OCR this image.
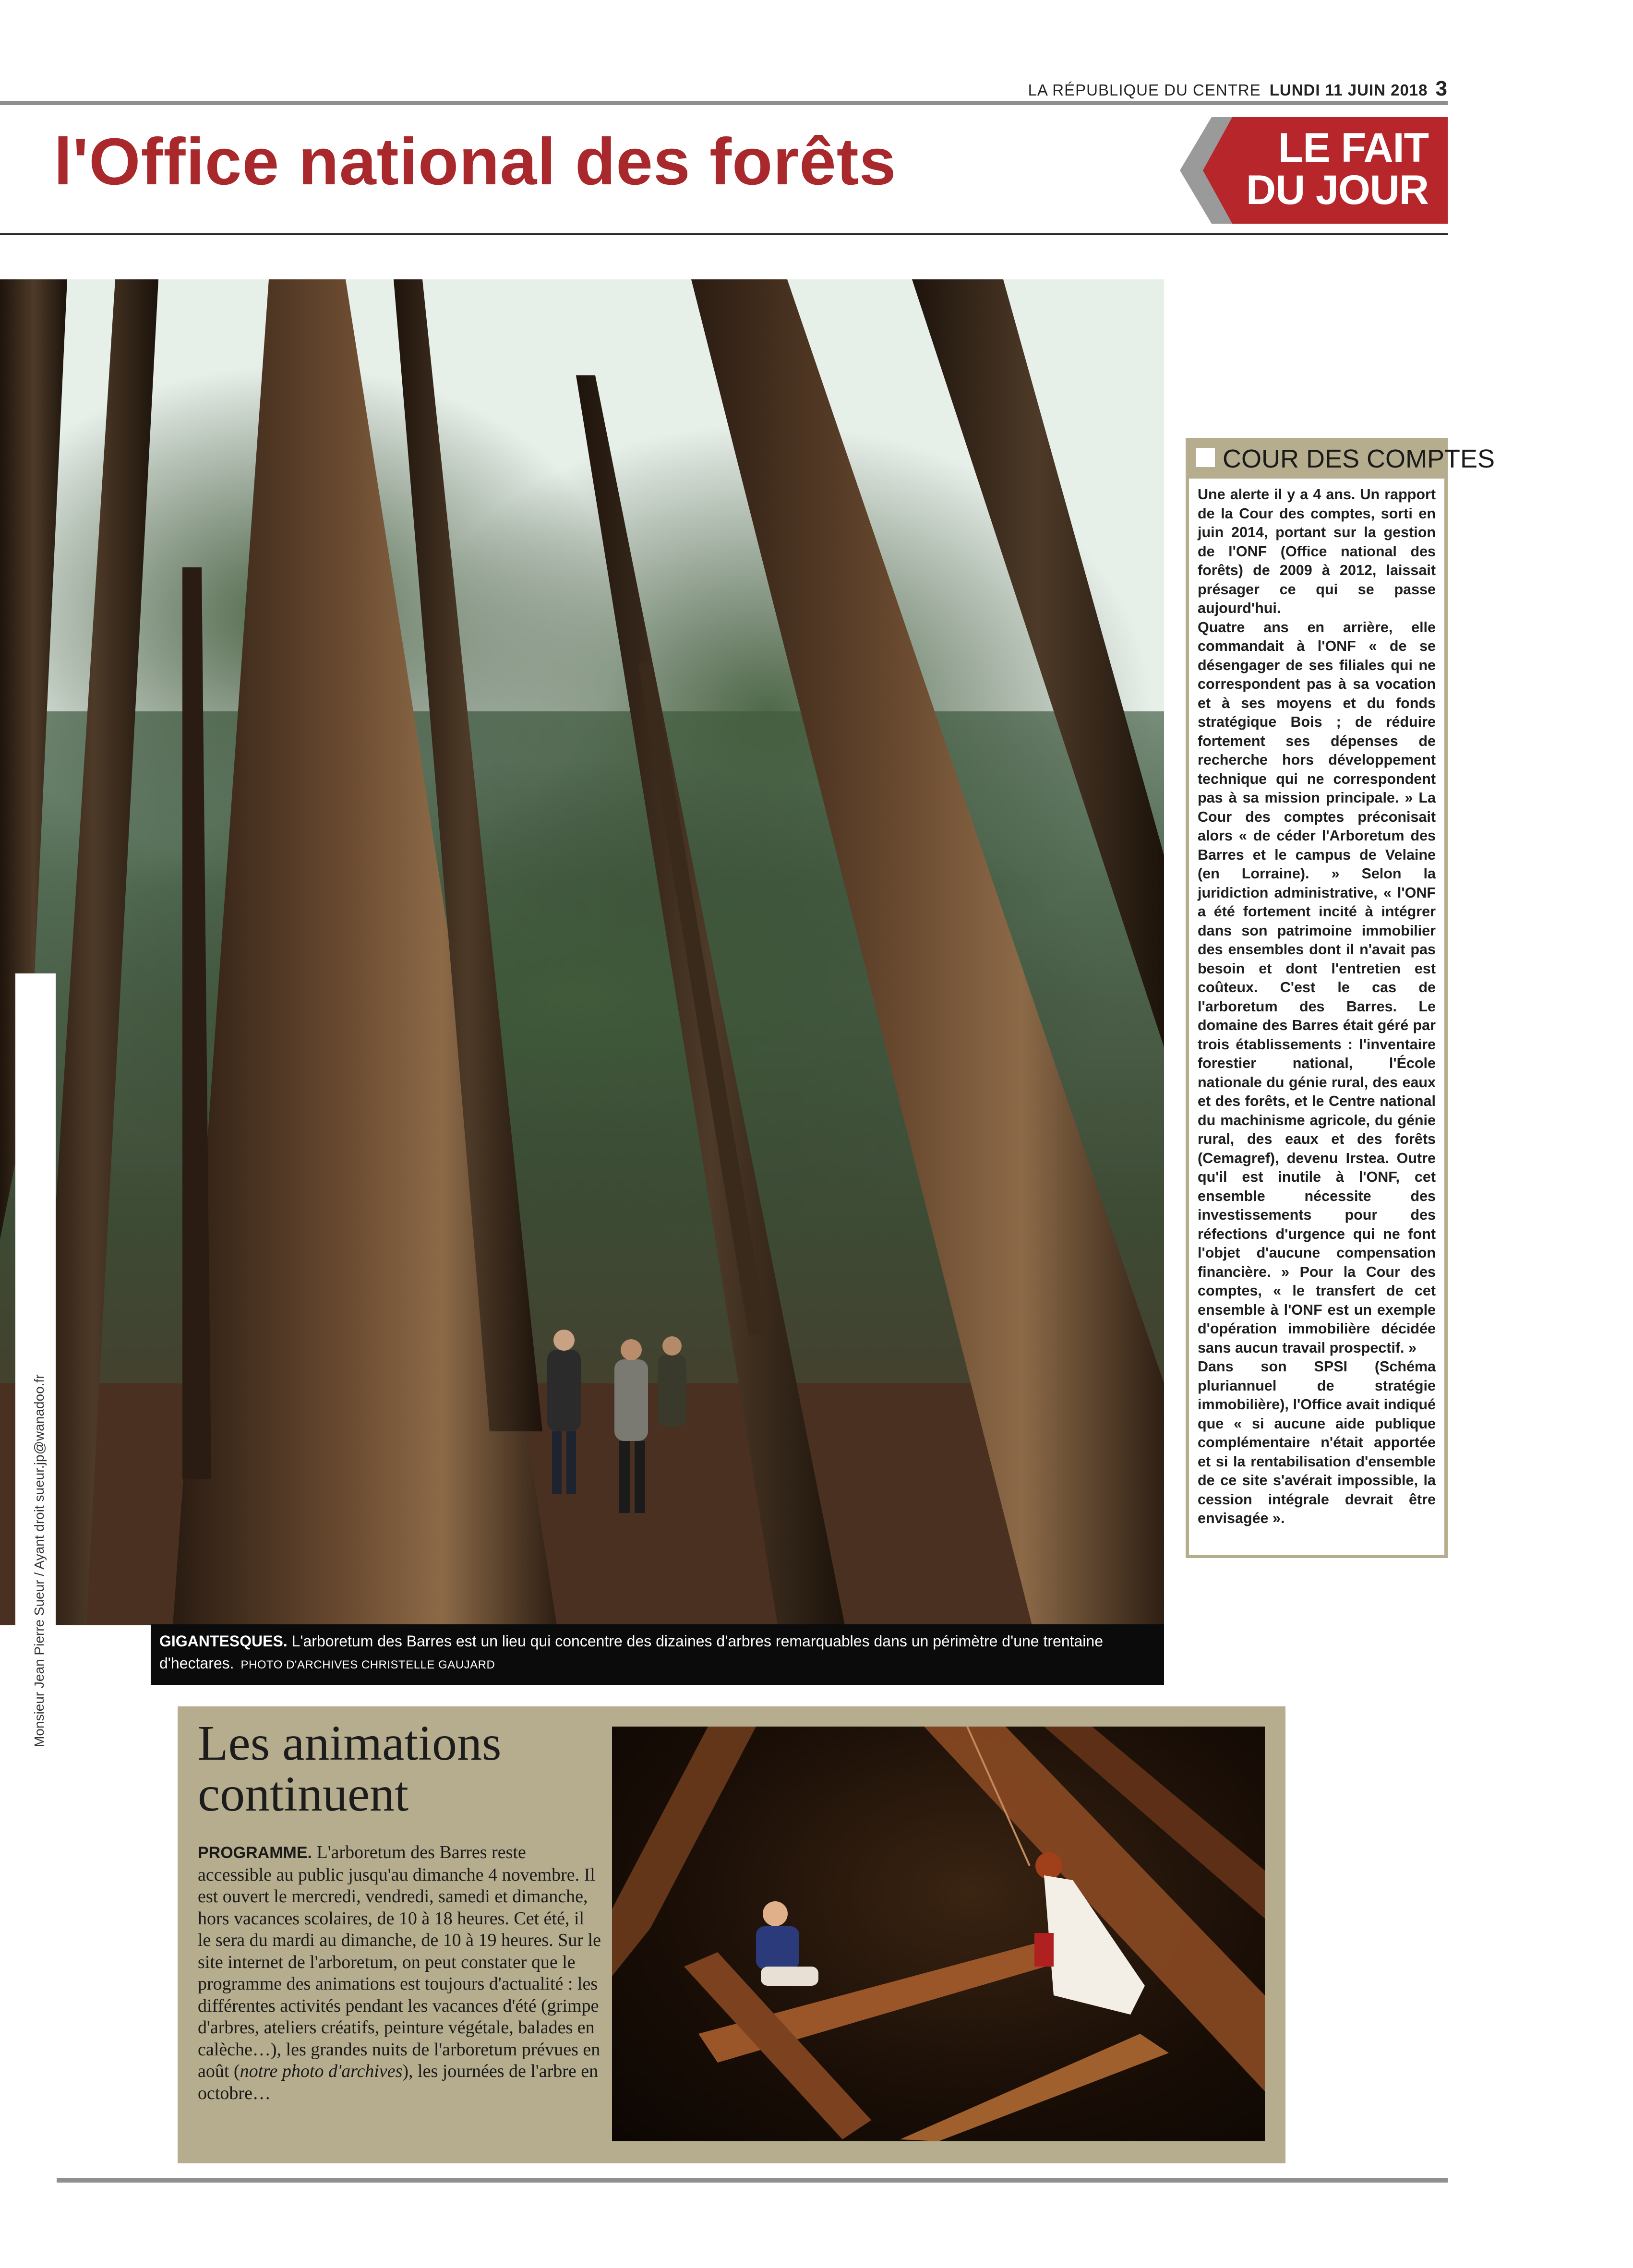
LA RÉPUBLIQUE DU CENTRE LUNDI 11 JUIN 2018 3
l'Office national des forêts	LE FAIT
DU JOUR
Monsieur Jean Pierre Sueur / Ayant droit sueur.jp@wanadoo.fr	GIGANTESQUES. L'arboretum des Barres est un lieu qui concentre des dizaines d'arbres remarquables dans un périmètre d'une trentaine d'hectares. PHOTO D'ARCHIVES CHRISTELLE GAUJARD
COUR DES COMPTES

Une alerte il y a 4 ans. Un rapport de la Cour des comptes, sorti en juin 2014, portant sur la gestion de l'ONF (Office national des forêts) de 2009 à 2012, laissait présager ce qui se passe aujourd'hui.

Quatre ans en arrière, elle commandait à l'ONF « de se désengager de ses filiales qui ne correspondent pas à sa vocation et à ses moyens et du fonds stratégique Bois ; de réduire fortement ses dépenses de recherche hors développement technique qui ne correspondent pas à sa mission principale. » La Cour des comptes préconisait alors « de céder l'Arboretum des Barres et le campus de Velaine (en Lorraine). » Selon la juridiction administrative, « l'ONF a été fortement incité à intégrer dans son patrimoine immobilier des ensembles dont il n'avait pas besoin et dont l'entretien est coûteux. C'est le cas de l'arboretum des Barres. Le domaine des Barres était géré par trois établissements : l'inventaire forestier national, l'École nationale du génie rural, des eaux et des forêts, et le Centre national du machinisme agricole, du génie rural, des eaux et des forêts (Cemagref), devenu Irstea. Outre qu'il est inutile à l'ONF, cet ensemble nécessite des investissements pour des réfections d'urgence qui ne font l'objet d'aucune compensation financière. » Pour la Cour des comptes, « le transfert de cet ensemble à l'ONF est un exemple d'opération immobilière décidée sans aucun travail prospectif. »

Dans son SPSI (Schéma pluriannuel de stratégie immobilière), l'Office avait indiqué que « si aucune aide publique complémentaire n'était apportée et si la rentabilisation d'ensemble de ce site s'avérait impossible, la cession intégrale devrait être envisagée ».

Les animations continuent
PROGRAMME. L'arboretum des Barres reste accessible au public jusqu'au dimanche 4 novembre. Il est ouvert le mercredi, vendredi, samedi et dimanche, hors vacances scolaires, de 10 à 18 heures. Cet été, il le sera du mardi au dimanche, de 10 à 19 heures. Sur le site internet de l'arboretum, on peut constater que le programme des animations est toujours d'actualité : les différentes activités pendant les vacances d'été (grimpe d'arbres, ateliers créatifs, peinture végétale, balades en calèche…), les grandes nuits de l'arboretum prévues en août (notre photo d'archives), les journées de l'arbre en octobre…
